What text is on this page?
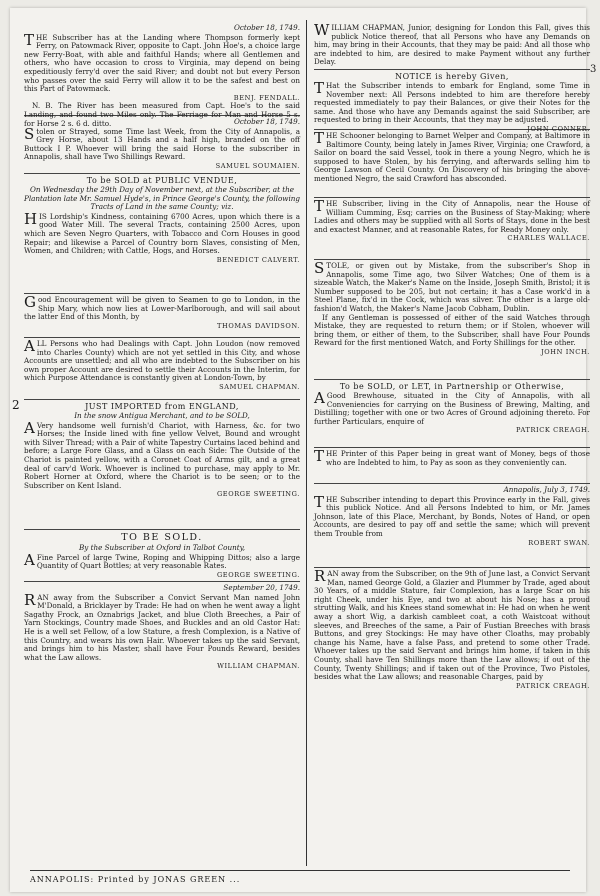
2
3

October 18, 1749.

THE Subscriber has at the Landing where Thompson formerly kept Ferry, on Patowmack River, opposite to Capt. John Hoe's, a choice large new Ferry-Boat, with able and faithful Hands; where all Gentlemen and others, who have occasion to cross to Virginia, may depend on being expeditiously ferry'd over the said River; and doubt not but every Person who passes over the said Ferry will allow it to be the safest and best on this Part of Patowmack.

BENJ. FENDALL.

N. B. The River has been measured from Capt. Hoe's to the said Landing, and found two Miles only. The Ferriage for Man and Horse 5 s. for Horse 2 s. 6 d. ditto.	October 18, 1749.

Stolen or Strayed, some Time last Week, from the City of Annapolis, a Grey Horse, about 13 Hands and a half high, branded on the off Buttock I P. Whoever will bring the said Horse to the subscriber in Annapolis, shall have Two Shillings Reward.

SAMUEL SOUMAIEN.

To be SOLD at PUBLIC VENDUE,

On Wednesday the 29th Day of November next, at the Subscriber, at the Plantation late Mr. Samuel Hyde's, in Prince George's County, the following Tracts of Land in the same County; viz.

HIS Lordship's Kindness, containing 6700 Acres, upon which there is a good Water Mill. The several Tracts, containing 2500 Acres, upon which are Seven Negro Quarters, with Tobacco and Corn Houses in good Repair; and likewise a Parcel of Country born Slaves, consisting of Men, Women, and Children; with Cattle, Hogs, and Horses.

BENEDICT CALVERT.

Good Encouragement will be given to Seamen to go to London, in the Ship Mary, which now lies at Lower-Marlborough, and will sail about the latter End of this Month, by

THOMAS DAVIDSON.

ALL Persons who had Dealings with Capt. John Loudon (now removed into Charles County) which are not yet settled in this City, and whose Accounts are unsettled; and all who are indebted to the Subscriber on his own proper Account are desired to settle their Accounts in the Interim, for which Purpose Attendance is constantly given at London-Town, by

SAMUEL CHAPMAN.

JUST IMPORTED from ENGLAND,

In the snow Antigua Merchant, and to be SOLD,

AVery handsome well furnish'd Chariot, with Harness, &c. for two Horses; the Inside lined with fine yellow Velvet, Bound and wrought with Silver Thread; with a Pair of white Tapestry Curtains laced behind and before; a Large Fore Glass, and a Glass on each Side: The Outside of the Chariot is painted yellow, with a Coronet Coat of Arms gilt, and a great deal of carv'd Work. Whoever is inclined to purchase, may apply to Mr. Robert Horner at Oxford, where the Chariot is to be seen; or to the Subscriber on Kent Island.

GEORGE SWEETING.

TO BE SOLD.

By the Subscriber at Oxford in Talbot County,

AFine Parcel of large Twine, Roping and Whipping Dittos; also a large Quantity of Quart Bottles; at very reasonable Rates.

GEORGE SWEETING.

September 20, 1749.

RAN away from the Subscriber a Convict Servant Man named John M'Donald, a Bricklayer by Trade: He had on when he went away a light Sagathy Frock, an Oznabrigs Jacket, and blue Cloth Breeches, a Pair of Yarn Stockings, Country made Shoes, and Buckles and an old Castor Hat: He is a well set Fellow, of a low Stature, a fresh Complexion, is a Native of this Country, and wears his own Hair. Whoever takes up the said Servant, and brings him to his Master, shall have Four Pounds Reward, besides what the Law allows.

WILLIAM CHAPMAN.

WILLIAM CHAPMAN, Junior, designing for London this Fall, gives this publick Notice thereof, that all Persons who have any Demands on him, may bring in their Accounts, that they may be paid: And all those who are indebted to him, are desired to make Payment without any further Delay.

NOTICE is hereby Given,

THat the Subscriber intends to embark for England, some Time in November next: All Persons indebted to him are therefore hereby requested immediately to pay their Balances, or give their Notes for the same. And those who have any Demands against the said Subscriber, are requested to bring in their Accounts, that they may be adjusted.

JOHN CONNER.

THE Schooner belonging to Barnet Welper and Company, at Baltimore in Baltimore County, being lately in James River, Virginia; one Crawford, a Sailor on board the said Vessel, took in there a young Negro, which he is supposed to have Stolen, by his ferrying, and afterwards selling him to George Lawson of Cecil County. On Discovery of his bringing the above-mentioned Negro, the said Crawford has absconded.

THE Subscriber, living in the City of Annapolis, near the House of William Cumming, Esq; carries on the Business of Stay-Making; where Ladies and others may be supplied with all Sorts of Stays, done in the best and exactest Manner, and at reasonable Rates, for Ready Money only.

CHARLES WALLACE.

STOLE, or given out by Mistake, from the subscriber's Shop in Annapolis, some Time ago, two Silver Watches; One of them is a sizeable Watch, the Maker's Name on the Inside, Joseph Smith, Bristol; it is Number supposed to be 205, but not certain; it has a Case work'd in a Steel Plane, fix'd in the Cock, which was silver. The other is a large old-fashion'd Watch, the Maker's Name Jacob Cobham, Dublin.

If any Gentleman is possessed of either of the said Watches through Mistake, they are requested to return them; or if Stolen, whoever will bring them, or either of them, to the Subscriber, shall have Four Pounds Reward for the first mentioned Watch, and Forty Shillings for the other.

JOHN INCH.

To be SOLD, or LET, in Partnership or Otherwise,

AGood Brewhouse, situated in the City of Annapolis, with all Conveniencies for carrying on the Business of Brewing, Malting, and Distilling; together with one or two Acres of Ground adjoining thereto. For further Particulars, enquire of

PATRICK CREAGH.

THE Printer of this Paper being in great want of Money, begs of those who are Indebted to him, to Pay as soon as they conveniently can.

Annapolis, July 3, 1749.

THE Subscriber intending to depart this Province early in the Fall, gives this publick Notice. And all Persons Indebted to him, or Mr. James Johnson, late of this Place, Merchant, by Bonds, Notes of Hand, or open Accounts, are desired to pay off and settle the same; which will prevent them Trouble from

ROBERT SWAN.

RAN away from the Subscriber, on the 9th of June last, a Convict Servant Man, named George Gold, a Glazier and Plummer by Trade, aged about 30 Years, of a middle Stature, fair Complexion, has a large Scar on his right Cheek, under his Eye, and two at about his Nose; has a proud strutting Walk, and his Knees stand somewhat in: He had on when he went away a short Wig, a darkish cambleet coat, a coth Waistcoat without sleeves, and Breeches of the same, a Pair of Fustian Breeches with brass Buttons, and grey Stockings: He may have other Cloaths, may probably change his Name, have a false Pass, and pretend to some other Trade. Whoever takes up the said Servant and brings him home, if taken in this County, shall have Ten Shillings more than the Law allows; if out of the County, Twenty Shillings; and if taken out of the Province, Two Pistoles, besides what the Law allows; and reasonable Charges, paid by

PATRICK CREAGH.

ANNAPOLIS: Printed by JONAS GREEN ...
